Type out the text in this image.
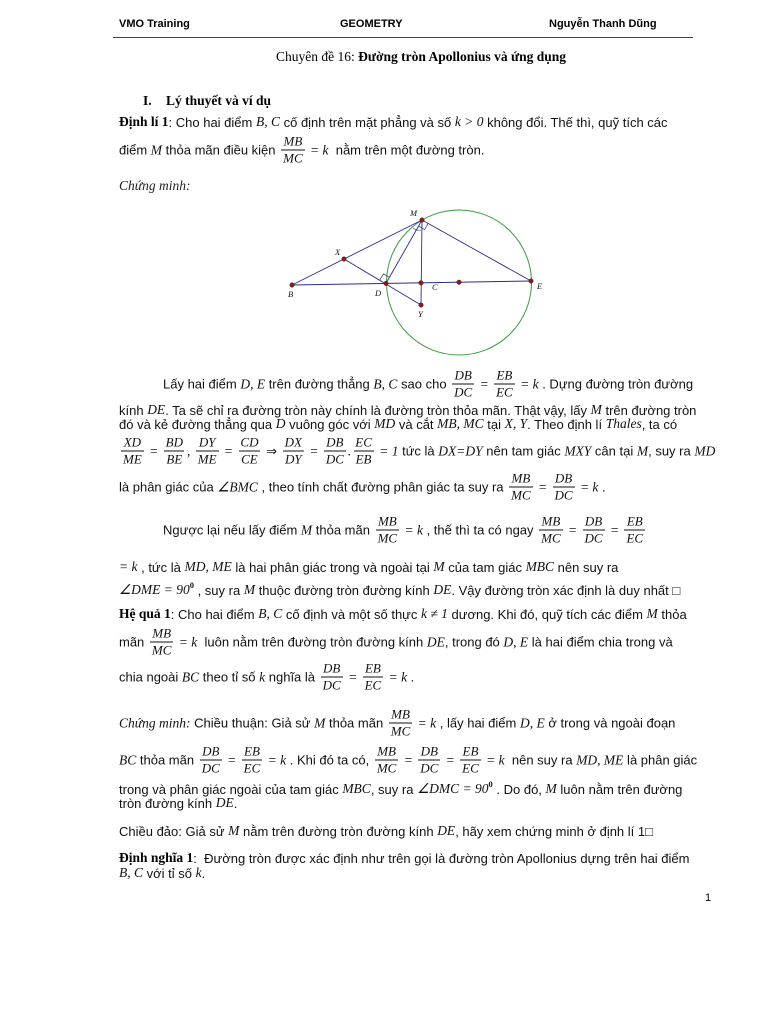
VMO Training	GEOMETRY	Nguyễn Thanh Dũng
Chuyên đề 16: Đường tròn Apollonius và ứng dụng
I. Lý thuyết và ví dụ
Định lí 1 : Cho hai điểm B, C cố định trên mặt phẳng và số k > 0 không đổi. Thế thì, quỹ tích các
điểm M thỏa mãn điều kiện $\frac{MB}{MC} = k$ nằm trên một đường tròn.
Chứng minh:
M
X
B	D
C	E
Y
Lấy hai điểm D, E trên đường thẳng B, C sao cho $\frac{DB}{DC} = \frac{EB}{EC} = k$ . Dựng đường tròn đường
kính DE . Ta sẽ chỉ ra đường tròn này chính là đường tròn thỏa mãn. Thật vậy, lấy M trên đường tròn
đó và kẻ đường thẳng qua D vuông góc với MD và cắt MB, MC tại X, Y . Theo định lí Thales , ta có
$\frac{XD}{ME} = \frac{BD}{BE}$ , $\frac{DY}{ME} = \frac{CD}{CE}$ ⇒ $\frac{DX}{DY} = \frac{DB}{DC}$ . $\frac{EC}{EB} = 1$ tức là DX=DY nên tam giác MXY cân tại M , suy ra MD
là phân giác của ∠BMC , theo tính chất đường phân giác ta suy ra $\frac{MB}{MC} = \frac{DB}{DC} = k$ .
Ngược lại nếu lấy điểm M thỏa mãn $\frac{MB}{MC} = k$ , thế thì ta có ngay $\frac{MB}{MC} = \frac{DB}{DC} = \frac{EB}{EC}$
= k , tức là MD, ME là hai phân giác trong và ngoài tại M của tam giác MBC nên suy ra
∠DME = 90 0 , suy ra M thuộc đường tròn đường kính DE . Vậy đường tròn xác định là duy nhất □
Hệ quả 1 : Cho hai điểm B, C cố định và một số thực k ≠ 1 dương. Khi đó, quỹ tích các điểm M thỏa
mãn $\frac{MB}{MC} = k$ luôn nằm trên đường tròn đường kính DE , trong đó D, E là hai điểm chia trong và
chia ngoài BC theo tỉ số k nghĩa là $\frac{DB}{DC} = \frac{EB}{EC} = k$ .
Chứng minh: Chiều thuận: Giả sử M thỏa mãn $\frac{MB}{MC} = k$ , lấy hai điểm D, E ở trong và ngoài đoạn
BC thỏa mãn $\frac{DB}{DC} = \frac{EB}{EC} = k$ . Khi đó ta có, $\frac{MB}{MC} = \frac{DB}{DC} = \frac{EB}{EC} = k$ nên suy ra MD, ME là phân giác
trong và phân giác ngoài của tam giác MBC , suy ra ∠DMC = 90 0 . Do đó, M luôn nằm trên đường
tròn đường kính DE .
Chiều đảo: Giả sử M nằm trên đường tròn đường kính DE , hãy xem chứng minh ở định lí 1□
Định nghĩa 1 :  Đường tròn được xác định như trên gọi là đường tròn Apollonius dựng trên hai điểm
B, C với tỉ số k .
1
